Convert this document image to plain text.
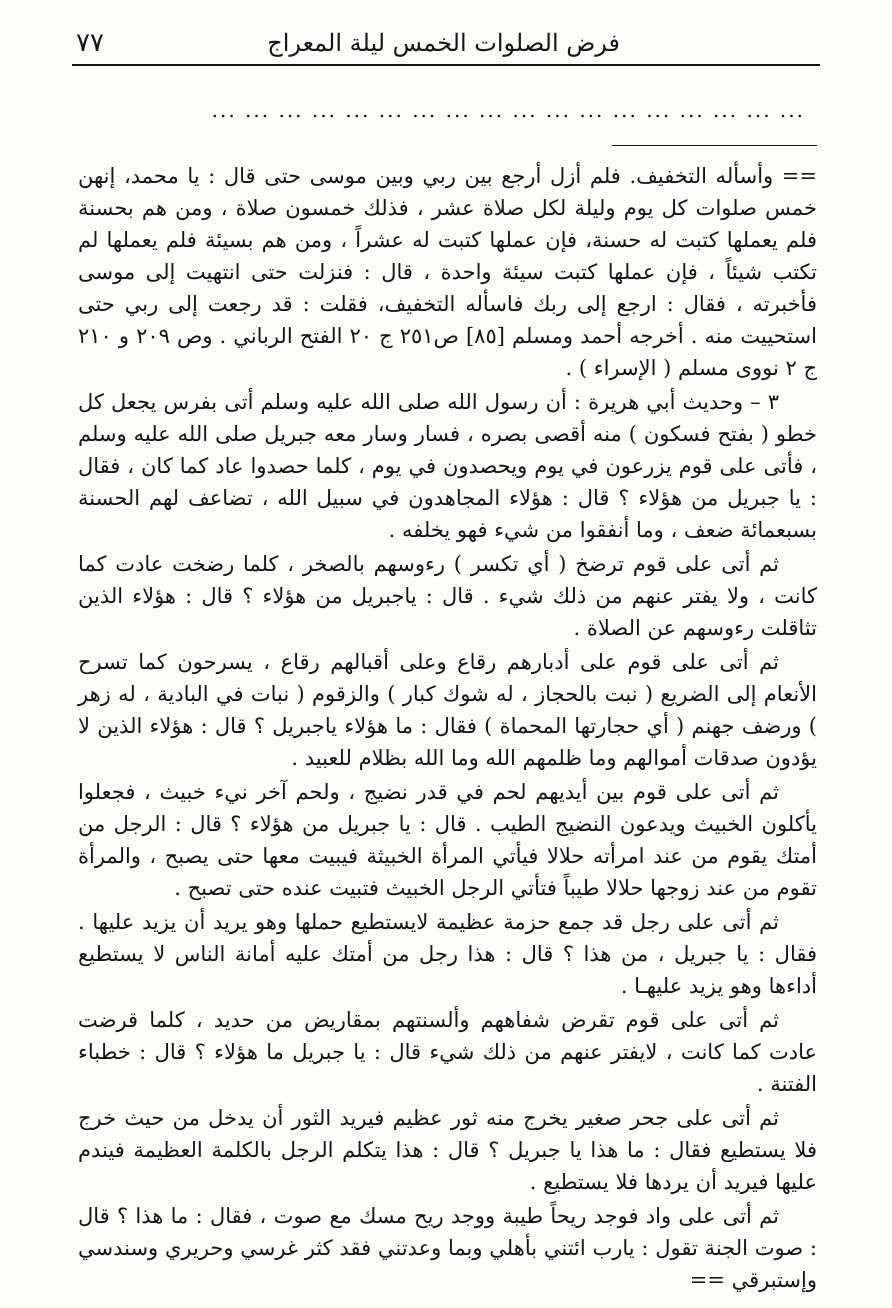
٧٧	فرض الصلوات الخمس ليلة المعراج
... ... ... ... ... ... ... ... ... ... ... ... ... ... ... ... ... ...

== وأسأله التخفيف. فلم أزل أرجع بين ربي وبين موسى حتى قال : يا محمد، إنهن خمس صلوات كل يوم وليلة لكل صلاة عشر ، فذلك خمسون صلاة ، ومن هم بحسنة فلم يعملها كتبت له حسنة، فإن عملها كتبت له عشراً ، ومن هم بسيئة فلم يعملها لم تكتب شيئاً ، فإن عملها كتبت سيئة واحدة ، قال : فنزلت حتى انتهيت إلى موسى فأخبرته ، فقال : ارجع إلى ربك فاسأله التخفيف، فقلت : قد رجعت إلى ربي حتى استحييت منه . أخرجه أحمد ومسلم [٨٥] ص٢٥١ ج ٢٠ الفتح الرباني . وص ٢٠٩ و ٢١٠ ج ٢ نووى مسلم ( الإسراء ) .

٣ – وحديث أبي هريرة : أن رسول الله صلى الله عليه وسلم أتى بفرس يجعل كل خطو ( بفتح فسكون ) منه أقصى بصره ، فسار وسار معه جبريل صلى الله عليه وسلم ، فأتى على قوم يزرعون في يوم ويحصدون في يوم ، كلما حصدوا عاد كما كان ، فقال : يا جبريل من هؤلاء ؟ قال : هؤلاء المجاهدون في سبيل الله ، تضاعف لهم الحسنة بسبعمائة ضعف ، وما أنفقوا من شيء فهو يخلفه .

ثم أتى على قوم ترضخ ( أي تكسر ) رءوسهم بالصخر ، كلما رضخت عادت كما كانت ، ولا يفتر عنهم من ذلك شيء . قال : ياجبريل من هؤلاء ؟ قال : هؤلاء الذين تثاقلت رءوسهم عن الصلاة .

ثم أتى على قوم على أدبارهم رقاع وعلى أقبالهم رقاع ، يسرحون كما تسرح الأنعام إلى الضريع ( نبت بالحجاز ، له شوك كبار ) والزقوم ( نبات في البادية ، له زهر ) ورضف جهنم ( أي حجارتها المحماة ) فقال : ما هؤلاء ياجبريل ؟ قال : هؤلاء الذين لا يؤدون صدقات أموالهم وما ظلمهم الله وما الله بظلام للعبيد .

ثم أتى على قوم بين أيديهم لحم في قدر نضيج ، ولحم آخر نيء خبيث ، فجعلوا يأكلون الخبيث ويدعون النضيج الطيب . قال : يا جبريل من هؤلاء ؟ قال : الرجل من أمتك يقوم من عند امرأته حلالا فيأتي المرأة الخبيثة فيبيت معها حتى يصبح ، والمرأة تقوم من عند زوجها حلالا طيباً فتأتي الرجل الخبيث فتبيت عنده حتى تصبح .

ثم أتى على رجل قد جمع حزمة عظيمة لايستطيع حملها وهو يريد أن يزيد عليها . فقال : يا جبريل ، من هذا ؟ قال : هذا رجل من أمتك عليه أمانة الناس لا يستطيع أداءها وهو يزيد عليهـا .

ثم أتى على قوم تقرض شفاههم وألسنتهم بمقاريض من حديد ، كلما قرضت عادت كما كانت ، لايفتر عنهم من ذلك شيء قال : يا جبريل ما هؤلاء ؟ قال : خطباء الفتنة .

ثم أتى على جحر صغير يخرج منه ثور عظيم فيريد الثور أن يدخل من حيث خرج فلا يستطيع فقال : ما هذا يا جبريل ؟ قال : هذا يتكلم الرجل بالكلمة العظيمة فيندم عليها فيريد أن يردها فلا يستطيع .

ثم أتى على واد فوجد ريحاً طيبة ووجد ريح مسك مع صوت ، فقال : ما هذا ؟ قال : صوت الجنة تقول : يارب ائتني بأهلي وبما وعدتني فقد كثر غرسي وحريري وسندسي وإستبرقي ==
